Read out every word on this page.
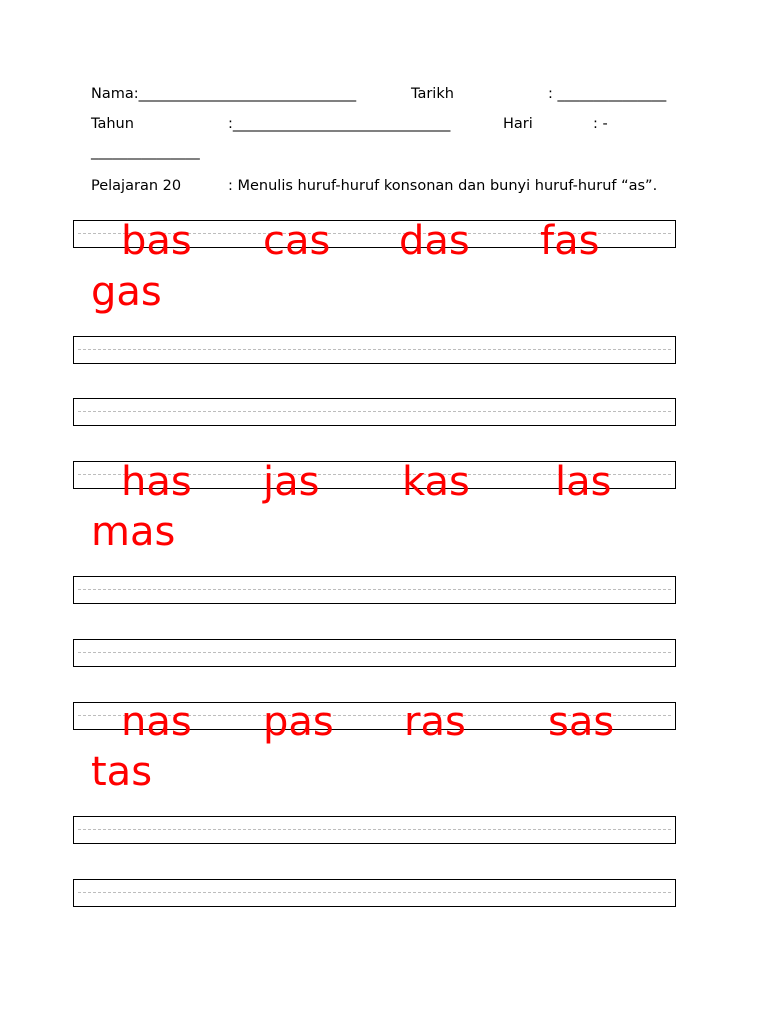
Nama:______________________________	Tarikh	: _______________
Tahun	:______________________________	Hari	: -
_______________
Pelajaran 20	: Menulis huruf-huruf konsonan dan bunyi huruf-huruf “as”.
bas cas das fas
gas
has jas kas las
mas
nas pas ras sas
tas
